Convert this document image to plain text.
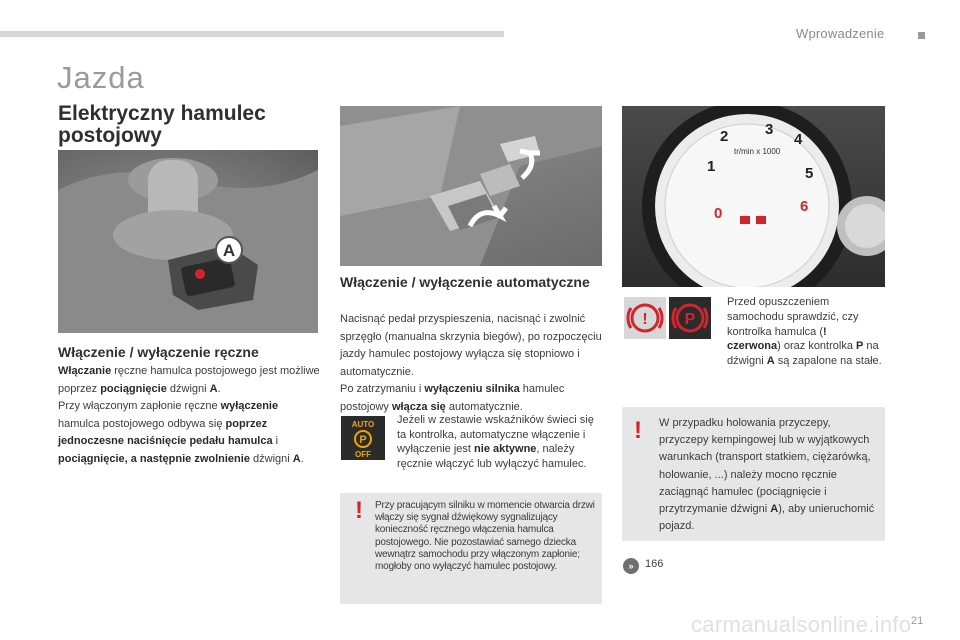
Wprowadzenie
Jazda
Elektryczny hamulec postojowy
A
0
1
2 3
4
5
6
tr/min x 1000
Włączenie / wyłączenie ręczne
Włączanie ręczne hamulca postojowego jest możliwe poprzez pociągnięcie dźwigni A.
Przy włączonym zapłonie ręczne wyłączenie hamulca postojowego odbywa się poprzez jednoczesne naciśnięcie pedału hamulca i pociągnięcie, a następnie zwolnienie dźwigni A.
Włączenie / wyłączenie automatyczne
Nacisnąć pedał przyspieszenia, nacisnąć i zwolnić sprzęgło (manualna skrzynia biegów), po rozpoczęciu jazdy hamulec postojowy wyłącza się stopniowo i automatycznie.
Po zatrzymaniu i wyłączeniu silnika hamulec postojowy włącza się automatycznie.
AUTO
P
OFF
Jeżeli w zestawie wskaźników świeci się ta kontrolka, automatyczne włączenie i wyłączenie jest nie aktywne, należy ręcznie włączyć lub wyłączyć hamulec.
! Przy pracującym silniku w momencie otwarcia drzwi włączy się sygnał dźwiękowy sygnalizujący konieczność ręcznego włączenia hamulca postojowego. Nie pozostawiać samego dziecka wewnątrz samochodu przy włączonym zapłonie; mogłoby ono wyłączyć hamulec postojowy.
! P
Przed opuszczeniem samochodu sprawdzić, czy kontrolka hamulca (! czerwona) oraz kontrolka P na dźwigni A są zapalone na stałe.
! W przypadku holowania przyczepy, przyczepy kempingowej lub w wyjątkowych warunkach (transport statkiem, ciężarówką, holowanie, ...) należy mocno ręcznie zaciągnąć hamulec (pociągnięcie i przytrzymanie dźwigni A), aby unieruchomić pojazd.
»	166
carmanualsonline.info 21
